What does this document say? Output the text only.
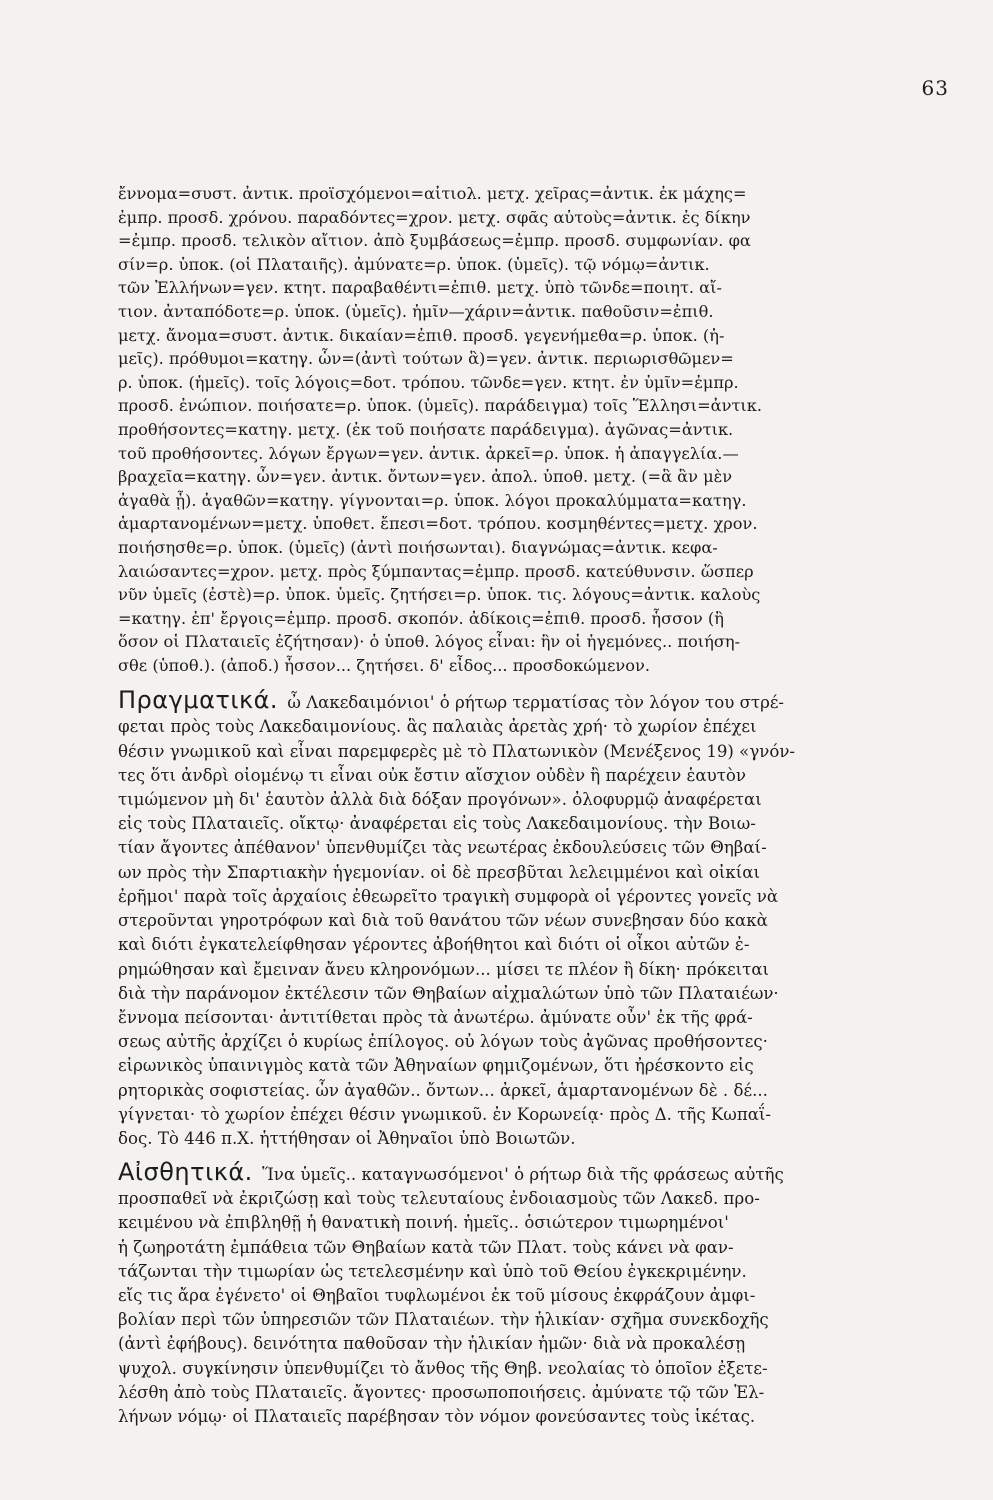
63
ἔννομα=συστ. ἀντικ. προϊσχόμενοι=αἰτιολ. μετχ. χεῖρας=ἀντικ. ἐκ μάχης=
ἐμπρ. προσδ. χρόνου. παραδόντες=χρον. μετχ. σφᾶς αὐτοὺς=ἀντικ. ἐς δίκην
=ἐμπρ. προσδ. τελικὸν αἴτιον. ἀπὸ ξυμβάσεως=ἐμπρ. προσδ. συμφωνίαν. φα
σίν=ρ. ὑποκ. (οἱ Πλαταιῆς). ἀμύνατε=ρ. ὑποκ. (ὑμεῖς). τῷ νόμῳ=ἀντικ.
τῶν Ἑλλήνων=γεν. κτητ. παραβαθέντι=ἐπιθ. μετχ. ὑπὸ τῶνδε=ποιητ. αἴ-
τιον. ἀνταπόδοτε=ρ. ὑποκ. (ὑμεῖς). ἡμῖν—χάριν=ἀντικ. παθοῦσιν=ἐπιθ.
μετχ. ἄνομα=συστ. ἀντικ. δικαίαν=ἐπιθ. προσδ. γεγενήμεθα=ρ. ὑποκ. (ἡ-
μεῖς). πρόθυμοι=κατηγ. ὧν=(ἀντὶ τούτων ἃ)=γεν. ἀντικ. περιωρισθῶμεν=
ρ. ὑποκ. (ἡμεῖς). τοῖς λόγοις=δοτ. τρόπου. τῶνδε=γεν. κτητ. ἐν ὑμῖν=ἐμπρ.
προσδ. ἐνώπιον. ποιήσατε=ρ. ὑποκ. (ὑμεῖς). παράδειγμα) τοῖς Ἕλλησι=ἀντικ.
προθήσοντες=κατηγ. μετχ. (ἐκ τοῦ ποιήσατε παράδειγμα). ἀγῶνας=ἀντικ.
τοῦ προθήσοντες. λόγων ἔργων=γεν. ἀντικ. ἀρκεῖ=ρ. ὑποκ. ἡ ἀπαγγελία.—
βραχεῖα=κατηγ. ὧν=γεν. ἀντικ. ὄντων=γεν. ἀπολ. ὑποθ. μετχ. (=ἃ ἂν μὲν
ἀγαθὰ ᾖ). ἀγαθῶν=κατηγ. γίγνονται=ρ. ὑποκ. λόγοι προκαλύμματα=κατηγ.
ἁμαρτανομένων=μετχ. ὑποθετ. ἔπεσι=δοτ. τρόπου. κοσμηθέντες=μετχ. χρον.
ποιήσησθε=ρ. ὑποκ. (ὑμεῖς) (ἀντὶ ποιήσωνται). διαγνώμας=ἀντικ. κεφα-
λαιώσαντες=χρον. μετχ. πρὸς ξύμπαντας=ἐμπρ. προσδ. κατεύθυνσιν. ὥσπερ
νῦν ὑμεῖς (ἐστὲ)=ρ. ὑποκ. ὑμεῖς. ζητήσει=ρ. ὑποκ. τις. λόγους=ἀντικ. καλοὺς
=κατηγ. ἐπ' ἔργοις=ἐμπρ. προσδ. σκοπόν. ἀδίκοις=ἐπιθ. προσδ. ἧσσον (ἢ
ὅσον οἱ Πλαταιεῖς ἐζήτησαν)· ὁ ὑποθ. λόγος εἶναι: ἢν οἱ ἡγεμόνες.. ποιήση-
σθε (ὑποθ.). (ἀποδ.) ἧσσον... ζητήσει. δ' εἶδος... προσδοκώμενον.
Πραγματικά. ὦ Λακεδαιμόνιοι' ὁ ρήτωρ τερματίσας τὸν λόγον του στρέ-
φεται πρὸς τοὺς Λακεδαιμονίους. ἃς παλαιὰς ἀρετὰς χρή· τὸ χωρίον ἐπέχει
θέσιν γνωμικοῦ καὶ εἶναι παρεμφερὲς μὲ τὸ Πλατωνικὸν (Μενέξενος 19) «γνόν-
τες ὅτι ἀνδρὶ οἰομένῳ τι εἶναι οὐκ ἔστιν αἴσχιον οὐδὲν ἢ παρέχειν ἑαυτὸν
τιμώμενον μὴ δι' ἑαυτὸν ἀλλὰ διὰ δόξαν προγόνων». ὀλοφυρμῷ ἀναφέρεται
εἰς τοὺς Πλαταιεῖς. οἴκτῳ· ἀναφέρεται εἰς τοὺς Λακεδαιμονίους. τὴν Βοιω-
τίαν ἄγοντες ἀπέθανον' ὑπενθυμίζει τὰς νεωτέρας ἐκδουλεύσεις τῶν Θηβαί-
ων πρὸς τὴν Σπαρτιακὴν ἡγεμονίαν. οἱ δὲ πρεσβῦται λελειμμένοι καὶ οἰκίαι
ἐρῆμοι' παρὰ τοῖς ἀρχαίοις ἐθεωρεῖτο τραγικὴ συμφορὰ οἱ γέροντες γονεῖς νὰ
στεροῦνται γηροτρόφων καὶ διὰ τοῦ θανάτου τῶν νέων συνεβησαν δύο κακὰ
καὶ διότι ἐγκατελείφθησαν γέροντες ἀβοήθητοι καὶ διότι οἱ οἶκοι αὐτῶν ἐ-
ρημώθησαν καὶ ἔμειναν ἄνευ κληρονόμων... μίσει τε πλέον ἢ δίκη· πρόκειται
διὰ τὴν παράνομον ἐκτέλεσιν τῶν Θηβαίων αἰχμαλώτων ὑπὸ τῶν Πλαταιέων·
ἔννομα πείσονται· ἀντιτίθεται πρὸς τὰ ἀνωτέρω. ἀμύνατε οὖν' ἐκ τῆς φρά-
σεως αὐτῆς ἀρχίζει ὁ κυρίως ἐπίλογος. οὐ λόγων τοὺς ἀγῶνας προθήσοντες·
εἰρωνικὸς ὑπαινιγμὸς κατὰ τῶν Ἀθηναίων φημιζομένων, ὅτι ἠρέσκοντο εἰς
ρητορικὰς σοφιστείας. ὧν ἀγαθῶν.. ὄντων... ἀρκεῖ, ἁμαρτανομένων δὲ . δέ...
γίγνεται· τὸ χωρίον ἐπέχει θέσιν γνωμικοῦ. ἐν Κορωνείᾳ· πρὸς Δ. τῆς Κωπαΐ-
δος. Τὸ 446 π.Χ. ἡττήθησαν οἱ Ἀθηναῖοι ὑπὸ Βοιωτῶν.
Αἰσθητικά. Ἵνα ὑμεῖς.. καταγνωσόμενοι' ὁ ρήτωρ διὰ τῆς φράσεως αὐτῆς
προσπαθεῖ νὰ ἐκριζώσῃ καὶ τοὺς τελευταίους ἐνδοιασμοὺς τῶν Λακεδ. προ-
κειμένου νὰ ἐπιβληθῇ ἡ θανατικὴ ποινή. ἡμεῖς.. ὁσιώτερον τιμωρημένοι'
ἡ ζωηροτάτη ἐμπάθεια τῶν Θηβαίων κατὰ τῶν Πλατ. τοὺς κάνει νὰ φαν-
τάζωνται τὴν τιμωρίαν ὡς τετελεσμένην καὶ ὑπὸ τοῦ Θείου ἐγκεκριμένην.
εἴς τις ἄρα ἐγένετο' οἱ Θηβαῖοι τυφλωμένοι ἐκ τοῦ μίσους ἐκφράζουν ἀμφι-
βολίαν περὶ τῶν ὑπηρεσιῶν τῶν Πλαταιέων. τὴν ἡλικίαν· σχῆμα συνεκδοχῆς
(ἀντὶ ἐφήβους). δεινότητα παθοῦσαν τὴν ἡλικίαν ἡμῶν· διὰ νὰ προκαλέσῃ
ψυχολ. συγκίνησιν ὑπενθυμίζει τὸ ἄνθος τῆς Θηβ. νεολαίας τὸ ὁποῖον ἐξετε-
λέσθη ἀπὸ τοὺς Πλαταιεῖς. ἄγοντες· προσωποποιήσεις. ἀμύνατε τῷ τῶν Ἑλ-
λήνων νόμῳ· οἱ Πλαταιεῖς παρέβησαν τὸν νόμον φονεύσαντες τοὺς ἱκέτας.
